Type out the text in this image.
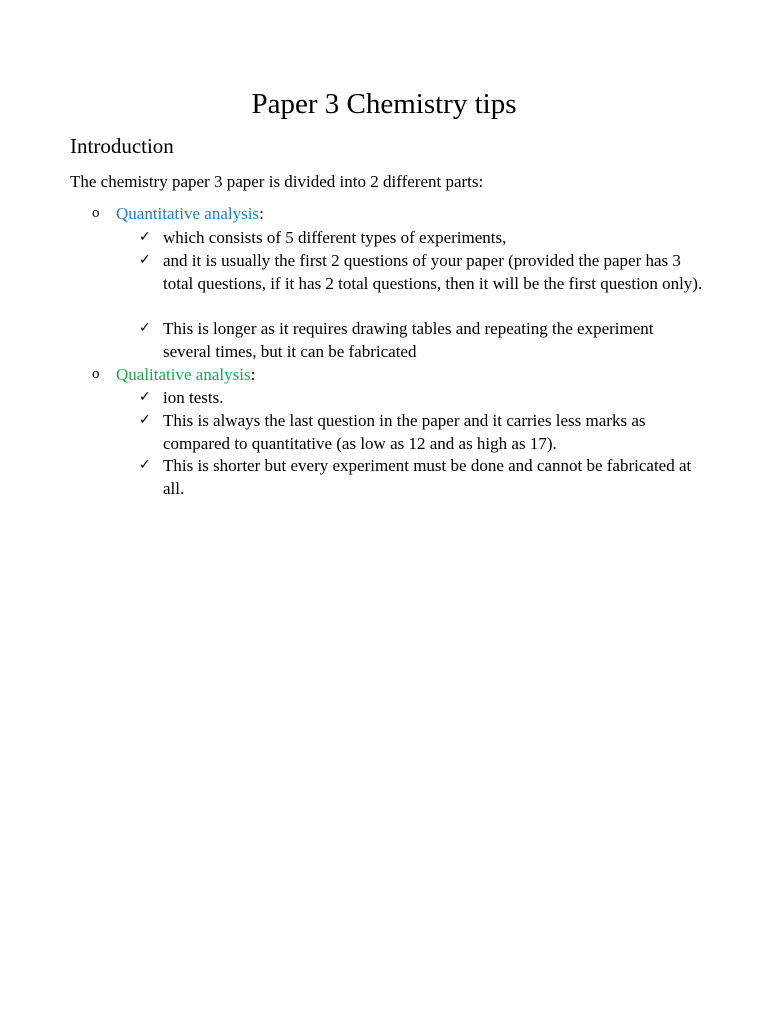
Paper 3 Chemistry tips
Introduction

The chemistry paper 3 paper is divided into 2 different parts:

o Quantitative analysis:
✓ which consists of 5 different types of experiments,
✓ and it is usually the first 2 questions of your paper (provided the paper has 3 total questions, if it has 2 total questions, then it will be the first question only).
✓ This is longer as it requires drawing tables and repeating the experiment several times, but it can be fabricated
o Qualitative analysis:
✓ ion tests.
✓ This is always the last question in the paper and it carries less marks as compared to quantitative (as low as 12 and as high as 17).
✓ This is shorter but every experiment must be done and cannot be fabricated at all.
